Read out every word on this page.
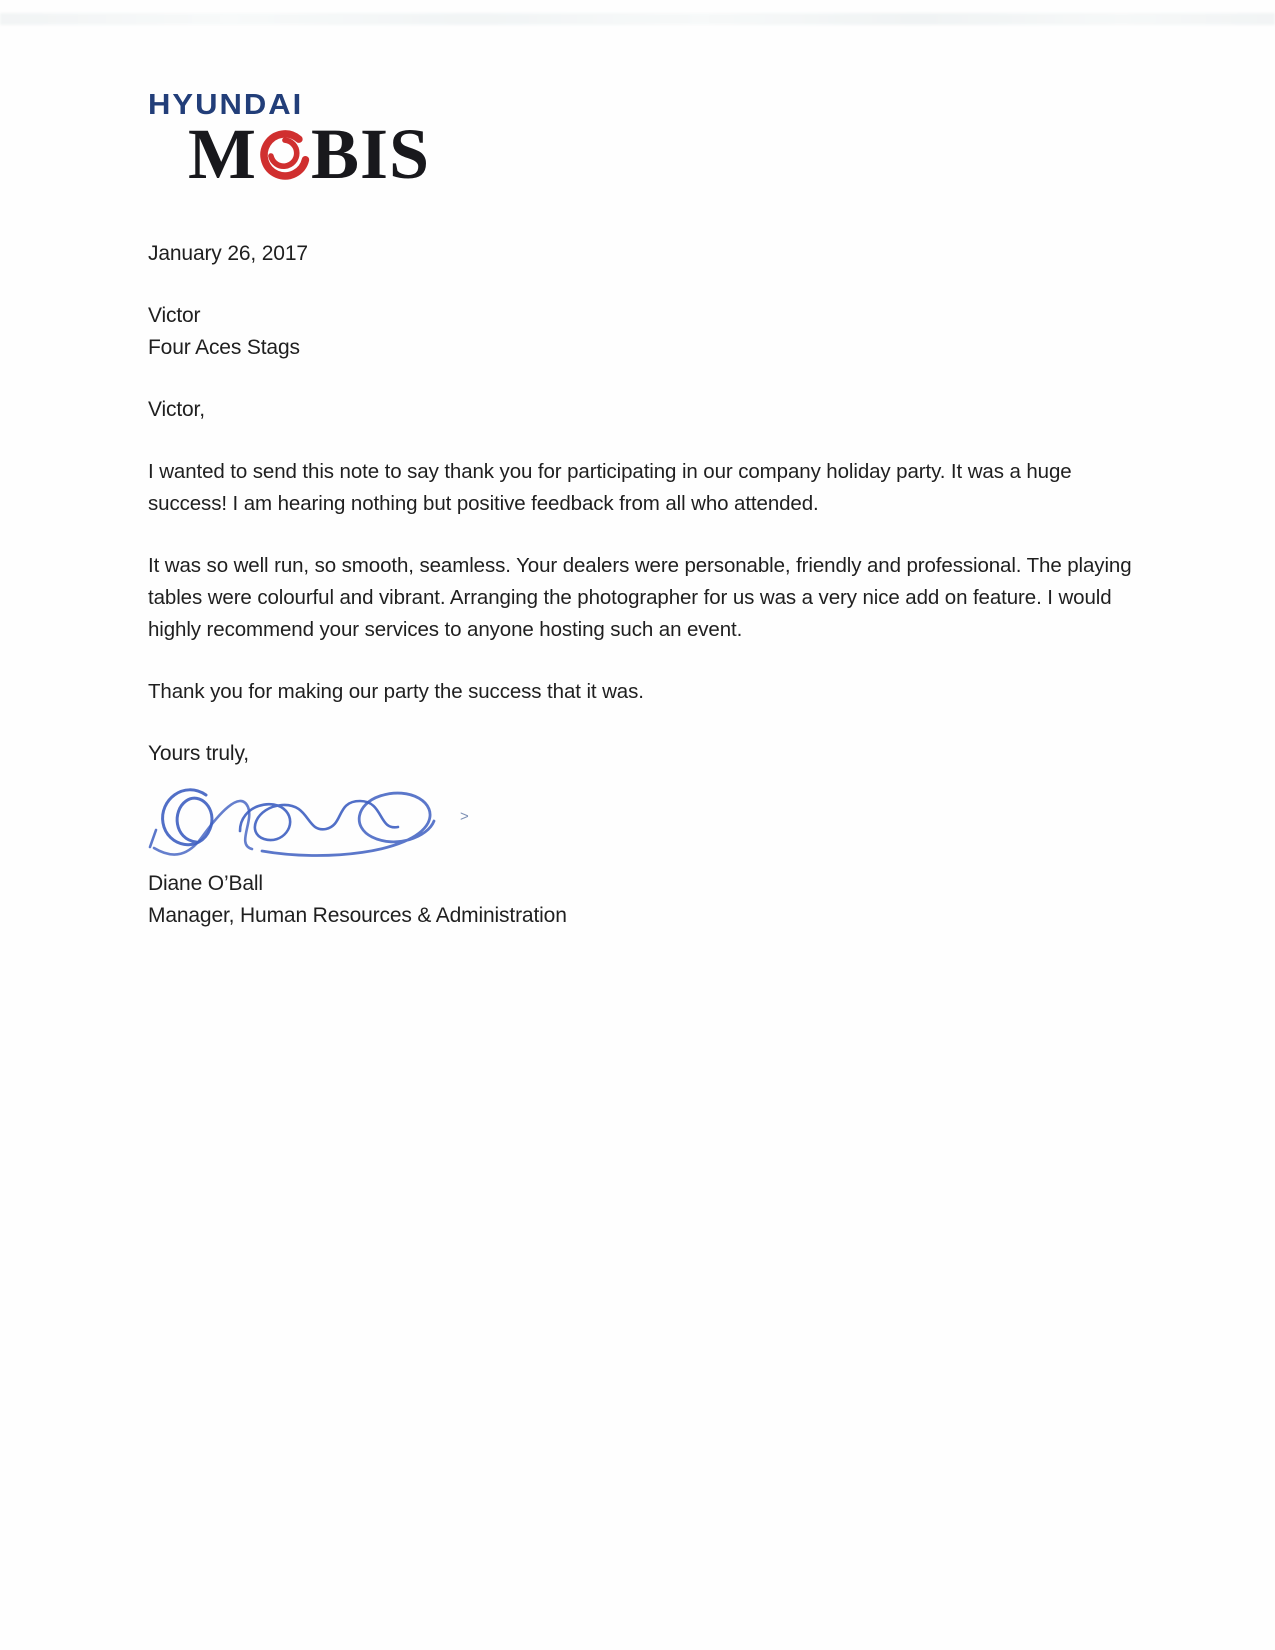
HYUNDAI
M BIS
January 26, 2017
Victor
Four Aces Stags
Victor,

I wanted to send this note to say thank you for participating in our company holiday party. It was a huge success! I am hearing nothing but positive feedback from all who attended.

It was so well run, so smooth, seamless. Your dealers were personable, friendly and professional. The playing tables were colourful and vibrant. Arranging the photographer for us was a very nice add on feature. I would highly recommend your services to anyone hosting such an event.

Thank you for making our party the success that it was.

Yours truly,
>
Diane O’Ball
Manager, Human Resources & Administration
